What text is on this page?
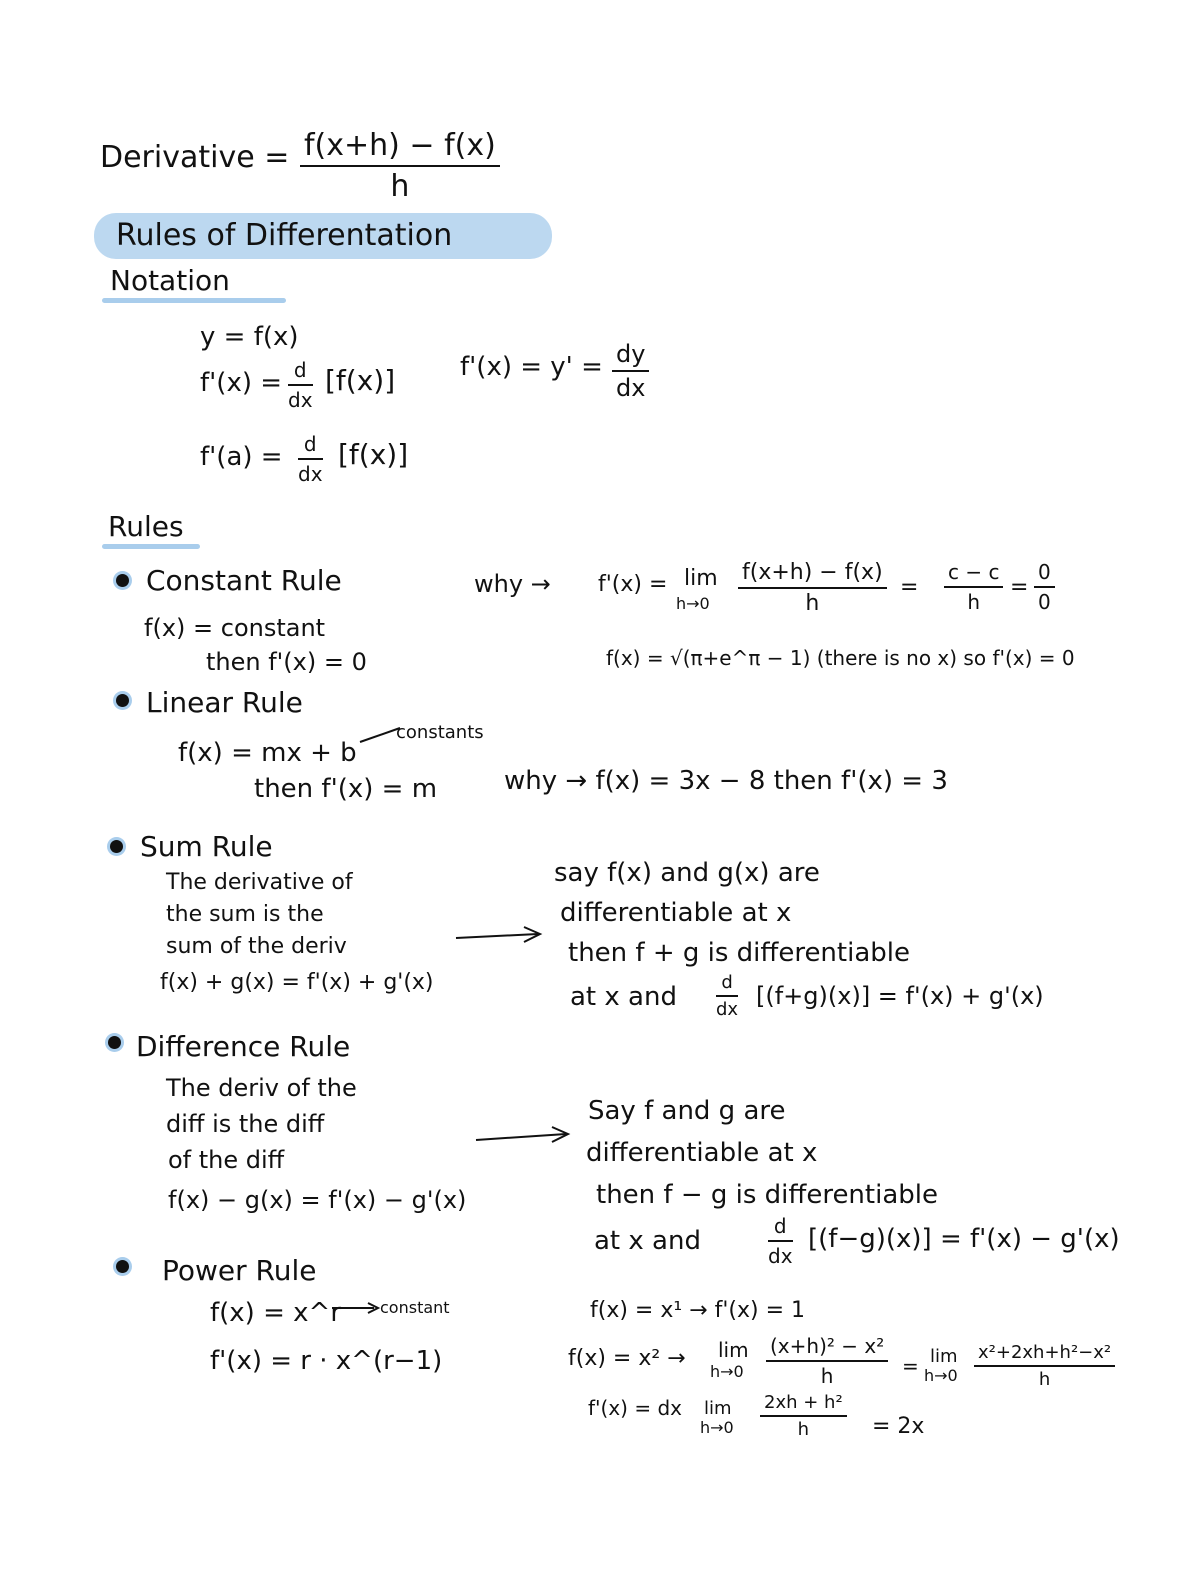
Derivative = $\frac{f(x+h) - f(x)}{h}$
Rules of Differentation
Notation
y = f(x)
$f'(x) = \frac{d}{dx} [f(x)]$
$f'(a) = \frac{d}{dx} [f(x)]$
$f'(x) = y' = \frac{dy}{dx}$
Rules
Constant Rule
f(x) = constant
then f'(x) = 0
why → f'(x) = lim
$h\to 0 \frac{f(x+h) - f(x)}{h} = \frac{c - c}{h} = \frac{0}{0}$
f(x) = √(π+e^π − 1) (there is no x) so f'(x) = 0
Linear Rule
f(x) = mx + b
constants
then f'(x) = m	why → f(x) = 3x − 8 then f'(x) = 3
Sum Rule
The derivative of
the sum is the
sum of the deriv
f(x) + g(x) = f'(x) + g'(x)
say f(x) and g(x) are
differentiable at x
then f + g is differentiable
at x and $\frac{d}{dx} [(f+g)(x)] = f'(x) + g'(x)$
Difference Rule
The deriv of the
diff is the diff
of the diff
f(x) − g(x) = f'(x) − g'(x)
Say f and g are
differentiable at x
then f − g is differentiable
at x and	$\frac{d}{dx} [(f-g)(x)] = f'(x) - g'(x)$
Power Rule
f(x) = x^r constant
f'(x) = r · x^(r−1)
f(x) = x¹ → f'(x) = 1
f(x) = x² → lim
$h\to 0 \frac{\text{(x+h)² − x²}}{h} = \lim$
$h\to 0 \frac{\text{x²+2xh+h²−x²}}{h}$
f'(x) = dx lim
$h\to 0 \frac{\text{2xh + h²}}{h} = 2x$
